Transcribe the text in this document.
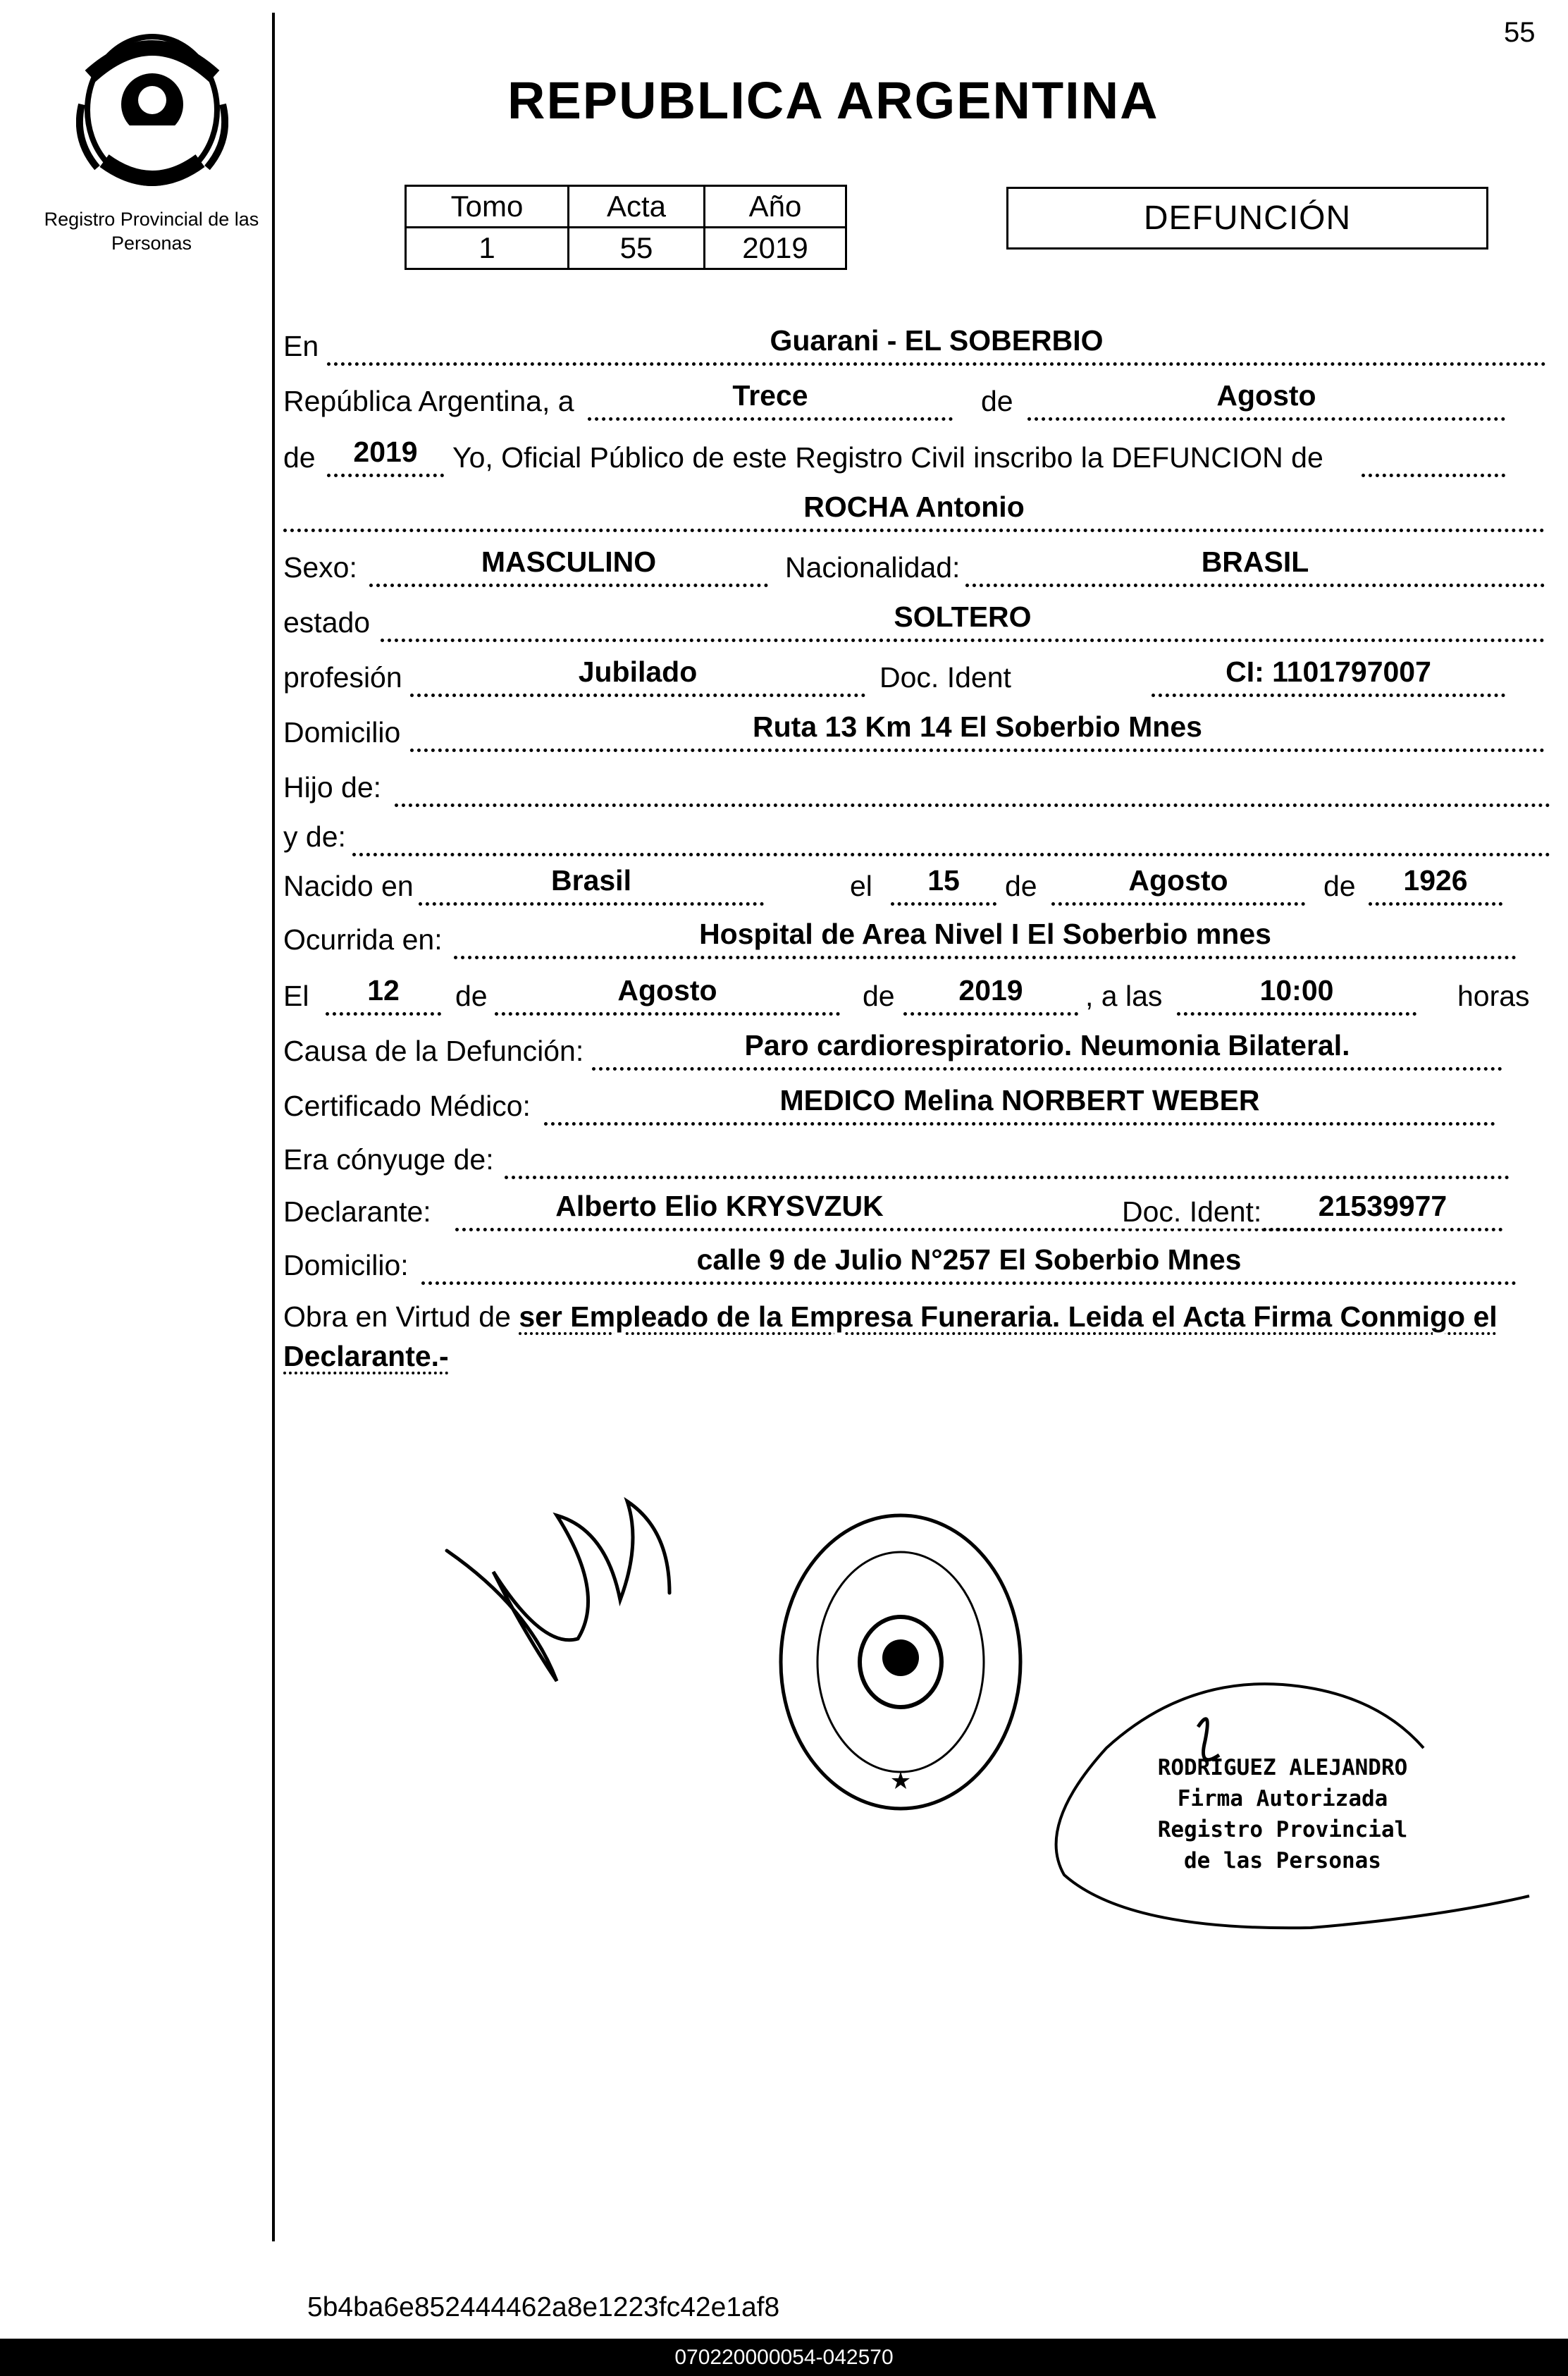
55
Registro Provincial de las Personas
REPUBLICA ARGENTINA
Tomo	Acta	Año
1	55	2019
DEFUNCIÓN
En	Guarani - EL SOBERBIO
República Argentina, a	Trece	de	Agosto
de	2019	Yo, Oficial Público de este Registro Civil inscribo la DEFUNCION de
ROCHA Antonio
Sexo:	MASCULINO	Nacionalidad:	BRASIL
estado	SOLTERO
profesión	Jubilado	Doc. Ident	CI: 1101797007
Domicilio	Ruta 13 Km 14 El Soberbio Mnes
Hijo de:
y de:
Nacido en	Brasil	el	15	de	Agosto	de	1926
Ocurrida en:	Hospital de Area Nivel I El Soberbio mnes
El	12	de	Agosto	de	2019	, a las	10:00	horas
Causa de la Defunción:	Paro cardiorespiratorio. Neumonia Bilateral.
Certificado Médico:	MEDICO Melina NORBERT WEBER
Era cónyuge de:
Declarante:	Alberto Elio KRYSVZUK	Doc. Ident:	21539977
Domicilio:	calle 9 de Julio N°257 El Soberbio Mnes
Obra en Virtud de ser Empleado de la Empresa Funeraria. Leida el Acta Firma Conmigo el Declarante.-
★	RODRIGUEZ ALEJANDRO
Firma Autorizada
Registro Provincial
de las Personas
5b4ba6e852444462a8e1223fc42e1af8
070220000054-042570
